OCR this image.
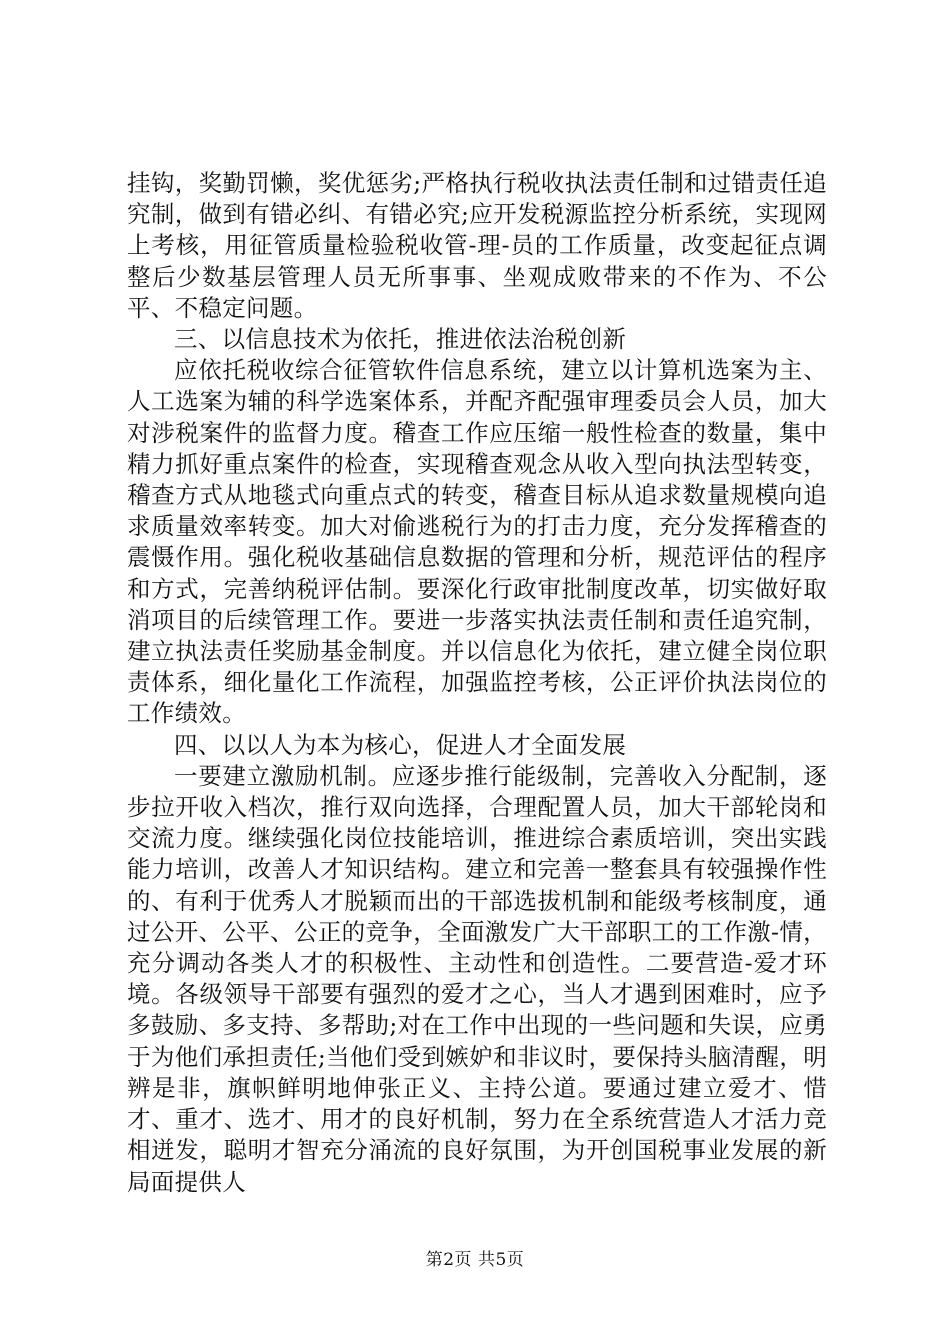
挂钩，奖勤罚懒，奖优惩劣;严格执行税收执法责任制和过错责任追究制，做到有错必纠、有错必究;应开发税源监控分析系统，实现网上考核，用征管质量检验税收管-理-员的工作质量，改变起征点调整后少数基层管理人员无所事事、坐观成败带来的不作为、不公平、不稳定问题。

三、以信息技术为依托，推进依法治税创新

应依托税收综合征管软件信息系统，建立以计算机选案为主、人工选案为辅的科学选案体系，并配齐配强审理委员会人员，加大对涉税案件的监督力度。稽查工作应压缩一般性检查的数量，集中精力抓好重点案件的检查，实现稽查观念从收入型向执法型转变，稽查方式从地毯式向重点式的转变，稽查目标从追求数量规模向追求质量效率转变。加大对偷逃税行为的打击力度，充分发挥稽查的震慑作用。强化税收基础信息数据的管理和分析，规范评估的程序和方式，完善纳税评估制。要深化行政审批制度改革，切实做好取消项目的后续管理工作。要进一步落实执法责任制和责任追究制，建立执法责任奖励基金制度。并以信息化为依托，建立健全岗位职责体系，细化量化工作流程，加强监控考核，公正评价执法岗位的工作绩效。

四、以以人为本为核心，促进人才全面发展

一要建立激励机制。应逐步推行能级制，完善收入分配制，逐步拉开收入档次，推行双向选择，合理配置人员，加大干部轮岗和交流力度。继续强化岗位技能培训，推进综合素质培训，突出实践能力培训，改善人才知识结构。建立和完善一整套具有较强操作性的、有利于优秀人才脱颖而出的干部选拔机制和能级考核制度，通过公开、公平、公正的竞争，全面激发广大干部职工的工作激-情，充分调动各类人才的积极性、主动性和创造性。二要营造-爱才环境。各级领导干部要有强烈的爱才之心，当人才遇到困难时，应予多鼓励、多支持、多帮助;对在工作中出现的一些问题和失误，应勇于为他们承担责任;当他们受到嫉妒和非议时，要保持头脑清醒，明辨是非，旗帜鲜明地伸张正义、主持公道。要通过建立爱才、惜才、重才、选才、用才的良好机制，努力在全系统营造人才活力竞相迸发，聪明才智充分涌流的良好氛围，为开创国税事业发展的新局面提供人

第2页 共5页
